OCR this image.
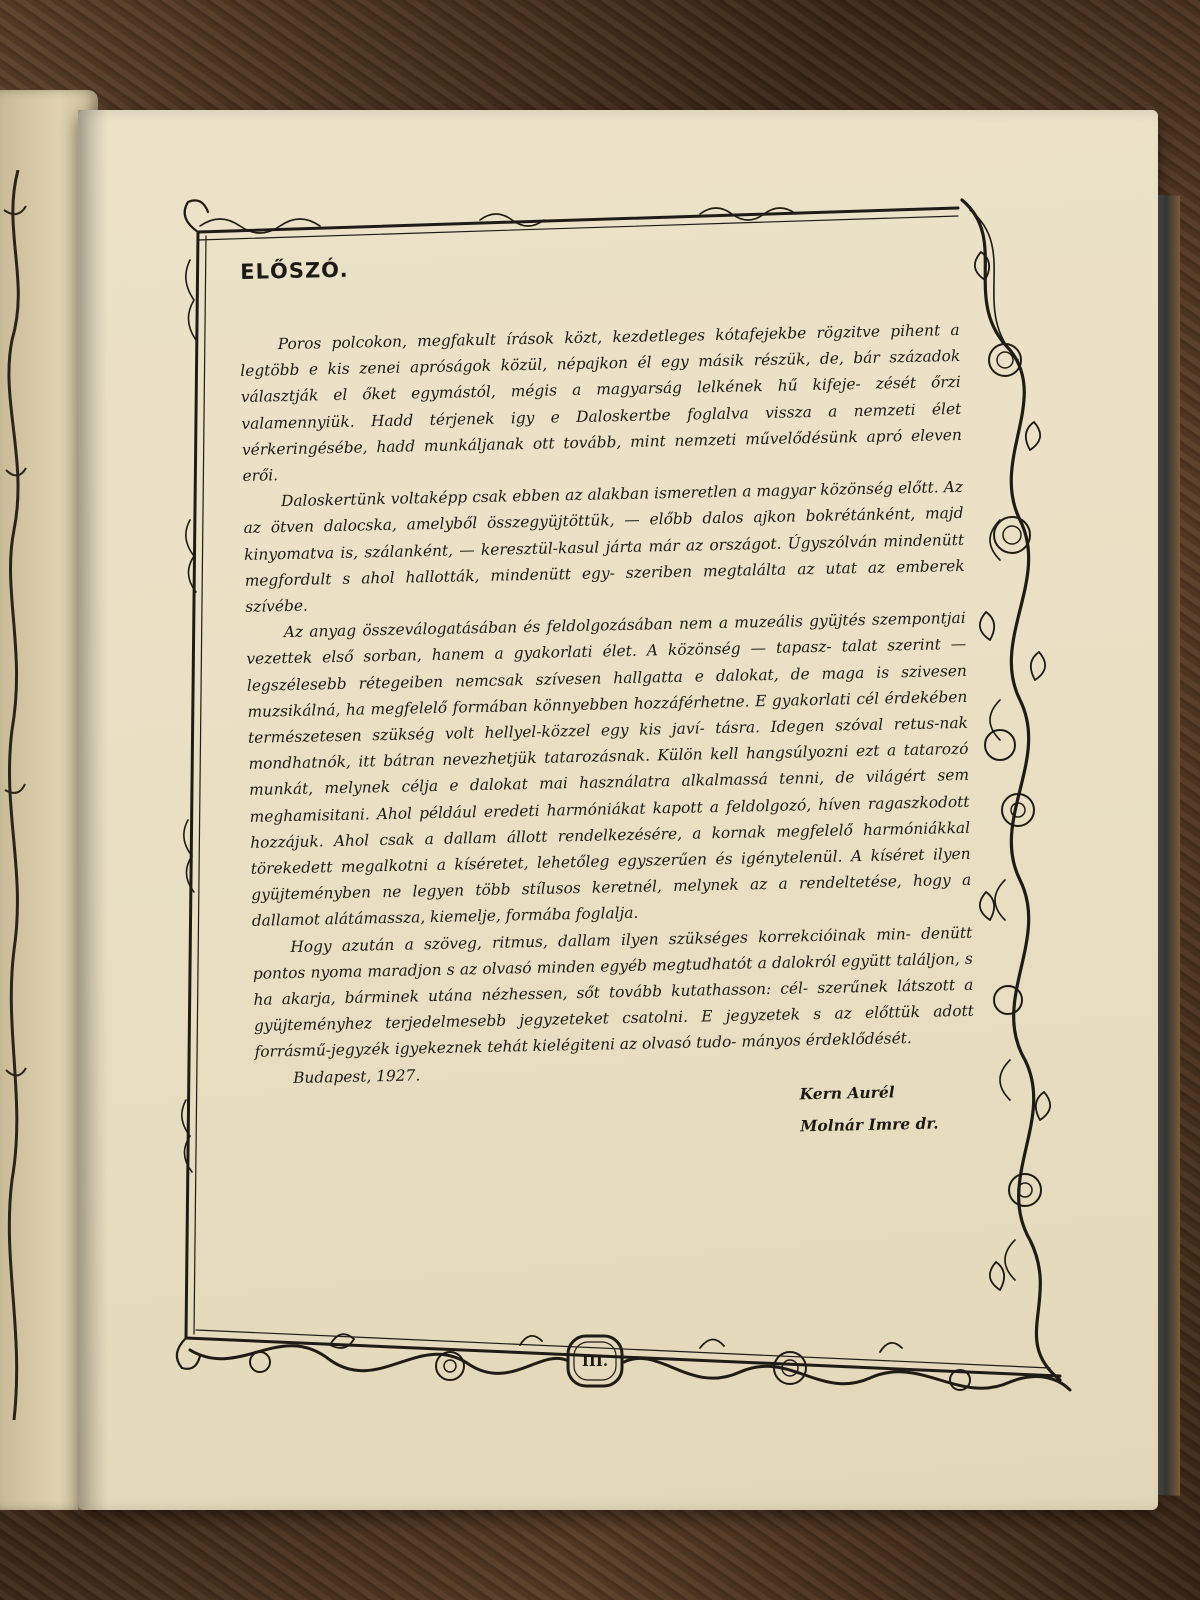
ELŐSZÓ.

Poros polcokon, megfakult írások közt, kezdetleges kótafejekbe rögzitve pihent a legtöbb e kis zenei apróságok közül, népajkon él egy másik részük, de, bár századok választják el őket egymástól, mégis a magyarság lelkének hű kifeje- zését őrzi valamennyiük. Hadd térjenek igy e Daloskertbe foglalva vissza a nemzeti élet vérkeringésébe, hadd munkáljanak ott tovább, mint nemzeti művelődésünk apró eleven erői.

Daloskertünk voltaképp csak ebben az alakban ismeretlen a magyar közönség előtt. Az az ötven dalocska, amelyből összegyüjtöttük, — előbb dalos ajkon bokrétánként, majd kinyomatva is, szálanként, — keresztül-kasul járta már az országot. Úgyszólván mindenütt megfordult s ahol hallották, mindenütt egy- szeriben megtalálta az utat az emberek szívébe.

Az anyag összeválogatásában és feldolgozásában nem a muzeális gyüjtés szempontjai vezettek első sorban, hanem a gyakorlati élet. A közönség — tapasz- talat szerint — legszélesebb rétegeiben nemcsak szívesen hallgatta e dalokat, de maga is szivesen muzsikálná, ha megfelelő formában könnyebben hozzáférhetne. E gyakorlati cél érdekében természetesen szükség volt hellyel-közzel egy kis javí- tásra. Idegen szóval retus-nak mondhatnók, itt bátran nevezhetjük tatarozásnak. Külön kell hangsúlyozni ezt a tatarozó munkát, melynek célja e dalokat mai használatra alkalmassá tenni, de világért sem meghamisitani. Ahol például eredeti harmóniákat kapott a feldolgozó, híven ragaszkodott hozzájuk. Ahol csak a dallam állott rendelkezésére, a kornak megfelelő harmóniákkal törekedett megalkotni a kíséretet, lehetőleg egyszerűen és igénytelenül. A kíséret ilyen gyüjteményben ne legyen több stílusos keretnél, melynek az a rendeltetése, hogy a dallamot alátámassza, kiemelje, formába foglalja.

Hogy azután a szöveg, ritmus, dallam ilyen szükséges korrekcióinak min- denütt pontos nyoma maradjon s az olvasó minden egyéb megtudhatót a dalokról együtt találjon, s ha akarja, bárminek utána nézhessen, sőt tovább kutathasson: cél- szerűnek látszott a gyüjteményhez terjedelmesebb jegyzeteket csatolni. E jegyzetek s az előttük adott forrásmű-jegyzék igyekeznek tehát kielégiteni az olvasó tudo- mányos érdeklődését.

Budapest, 1927.
Kern Aurél
Molnár Imre dr.
III.
